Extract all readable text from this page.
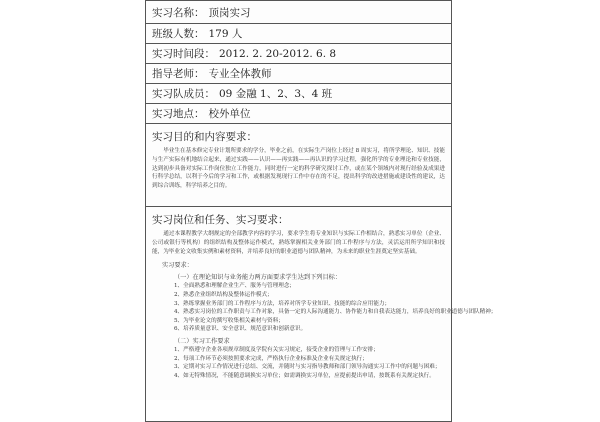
实习名称： 顶岗实习
班级人数： 179 人
实习时间段： 2012. 2. 20-2012. 6. 8
指导老师： 专业全体教师
实习队成员： 09 金融 1、2、3、4 班
实习地点： 校外单位

实习目的和内容要求：

毕业生在基本修完专业计划所要求的学分，毕业之前，在实际生产岗位上经过 8 周实习，将所学理论、知识、技能与生产实际有机地结合起来，通过实践——认识——再实践——再认识的学习过程，强化所学的专业理论和专业技能，达到初步具备对实际工作岗位独立工作能力，同时进行一定的科学研究探讨工作，或在某个领域内对现行经验及成果进行科学总结，以利于今后的学习和工作，或根据发现现行工作中存在的不足，提出科学的改进措施或建设性的建议，达到综合训练，科学培养之目的。

实习岗位和任务、实习要求：

通过本课程教学大纲规定的全部教学内容的学习，要求学生将专业知识与实际工作相结合，熟悉实习单位（企业、公司或银行等机构）的组织结构及整体运作模式，熟练掌握相关业务部门的工作程序与方法，灵活运用所学知识和技能，为毕业论文收集实例和素材资料，并培养良好的职业道德与团队精神，为未来的职业生涯奠定坚实基础。

实习要求：
（一）在理论知识与业务能力两方面要求学生达到下列目标：
1、全面熟悉和理解企业生产、服务与管理理念；
2、熟悉企业组织结构及整体运作模式；
3、熟练掌握业务部门的工作程序与方法，培养对所学专业知识、技能的综合应用能力；
4、熟悉实习岗位的工作职责与工作对象，具备一定的人际沟通能力、协作能力和自我表达能力，培养良好的职业道德与团队精神；
5、为毕业论文的撰写收集相关素材与资料；
6、培养质量意识、安全意识、规范意识和创新意识。
（二）实习工作要求
1、严格遵守企业各项规章制度及学院有关实习规定，接受企业的管理与工作安排；
2、每项工作环节必须按照要求完成，严格执行企业标准及企业有关规定执行；
3、定期对实习工作情况进行总结、交流，并随时与实习指导教师和部门领导沟通实习工作中的问题与困难；
4、如无特殊情况，不能随意调换实习单位；如需调换实习单位，应提前提出申请，按既系有关规定执行。
